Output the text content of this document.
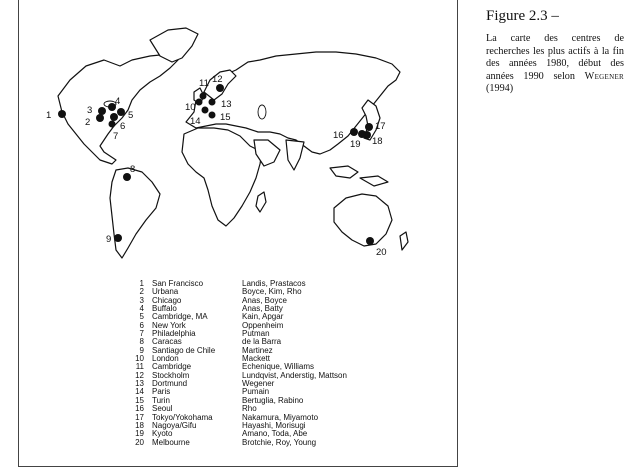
1
2
3
4
5
6
7
8
9
10
11 12
13
14 15
16
17
18
19
20
1	San Francisco	Landis, Prastacos
2	Urbana	Boyce, Kim, Rho
3	Chicago	Anas, Boyce
4	Buffalo	Anas, Batty
5	Cambridge, MA	Kain, Apgar
6	New York	Oppenheim
7	Philadelphia	Putman
8	Caracas	de la Barra
9	Santiago de Chile	Martinez
10	London	Mackett
11	Cambridge	Echenique, Williams
12	Stockholm	Lundqvist, Anderstig, Mattson
13	Dortmund	Wegener
14	Paris	Pumain
15	Turin	Bertuglia, Rabino
16	Seoul	Rho
17	Tokyo/Yokohama	Nakamura, Miyamoto
18	Nagoya/Gifu	Hayashi, Morisugi
19	Kyoto	Amano, Toda, Abe
20	Melbourne	Brotchie, Roy, Young
Figure 2.3 –
La carte des centres de recherches les plus actifs à la fin des années 1980, début des années 1990 selon Wegener (1994)
